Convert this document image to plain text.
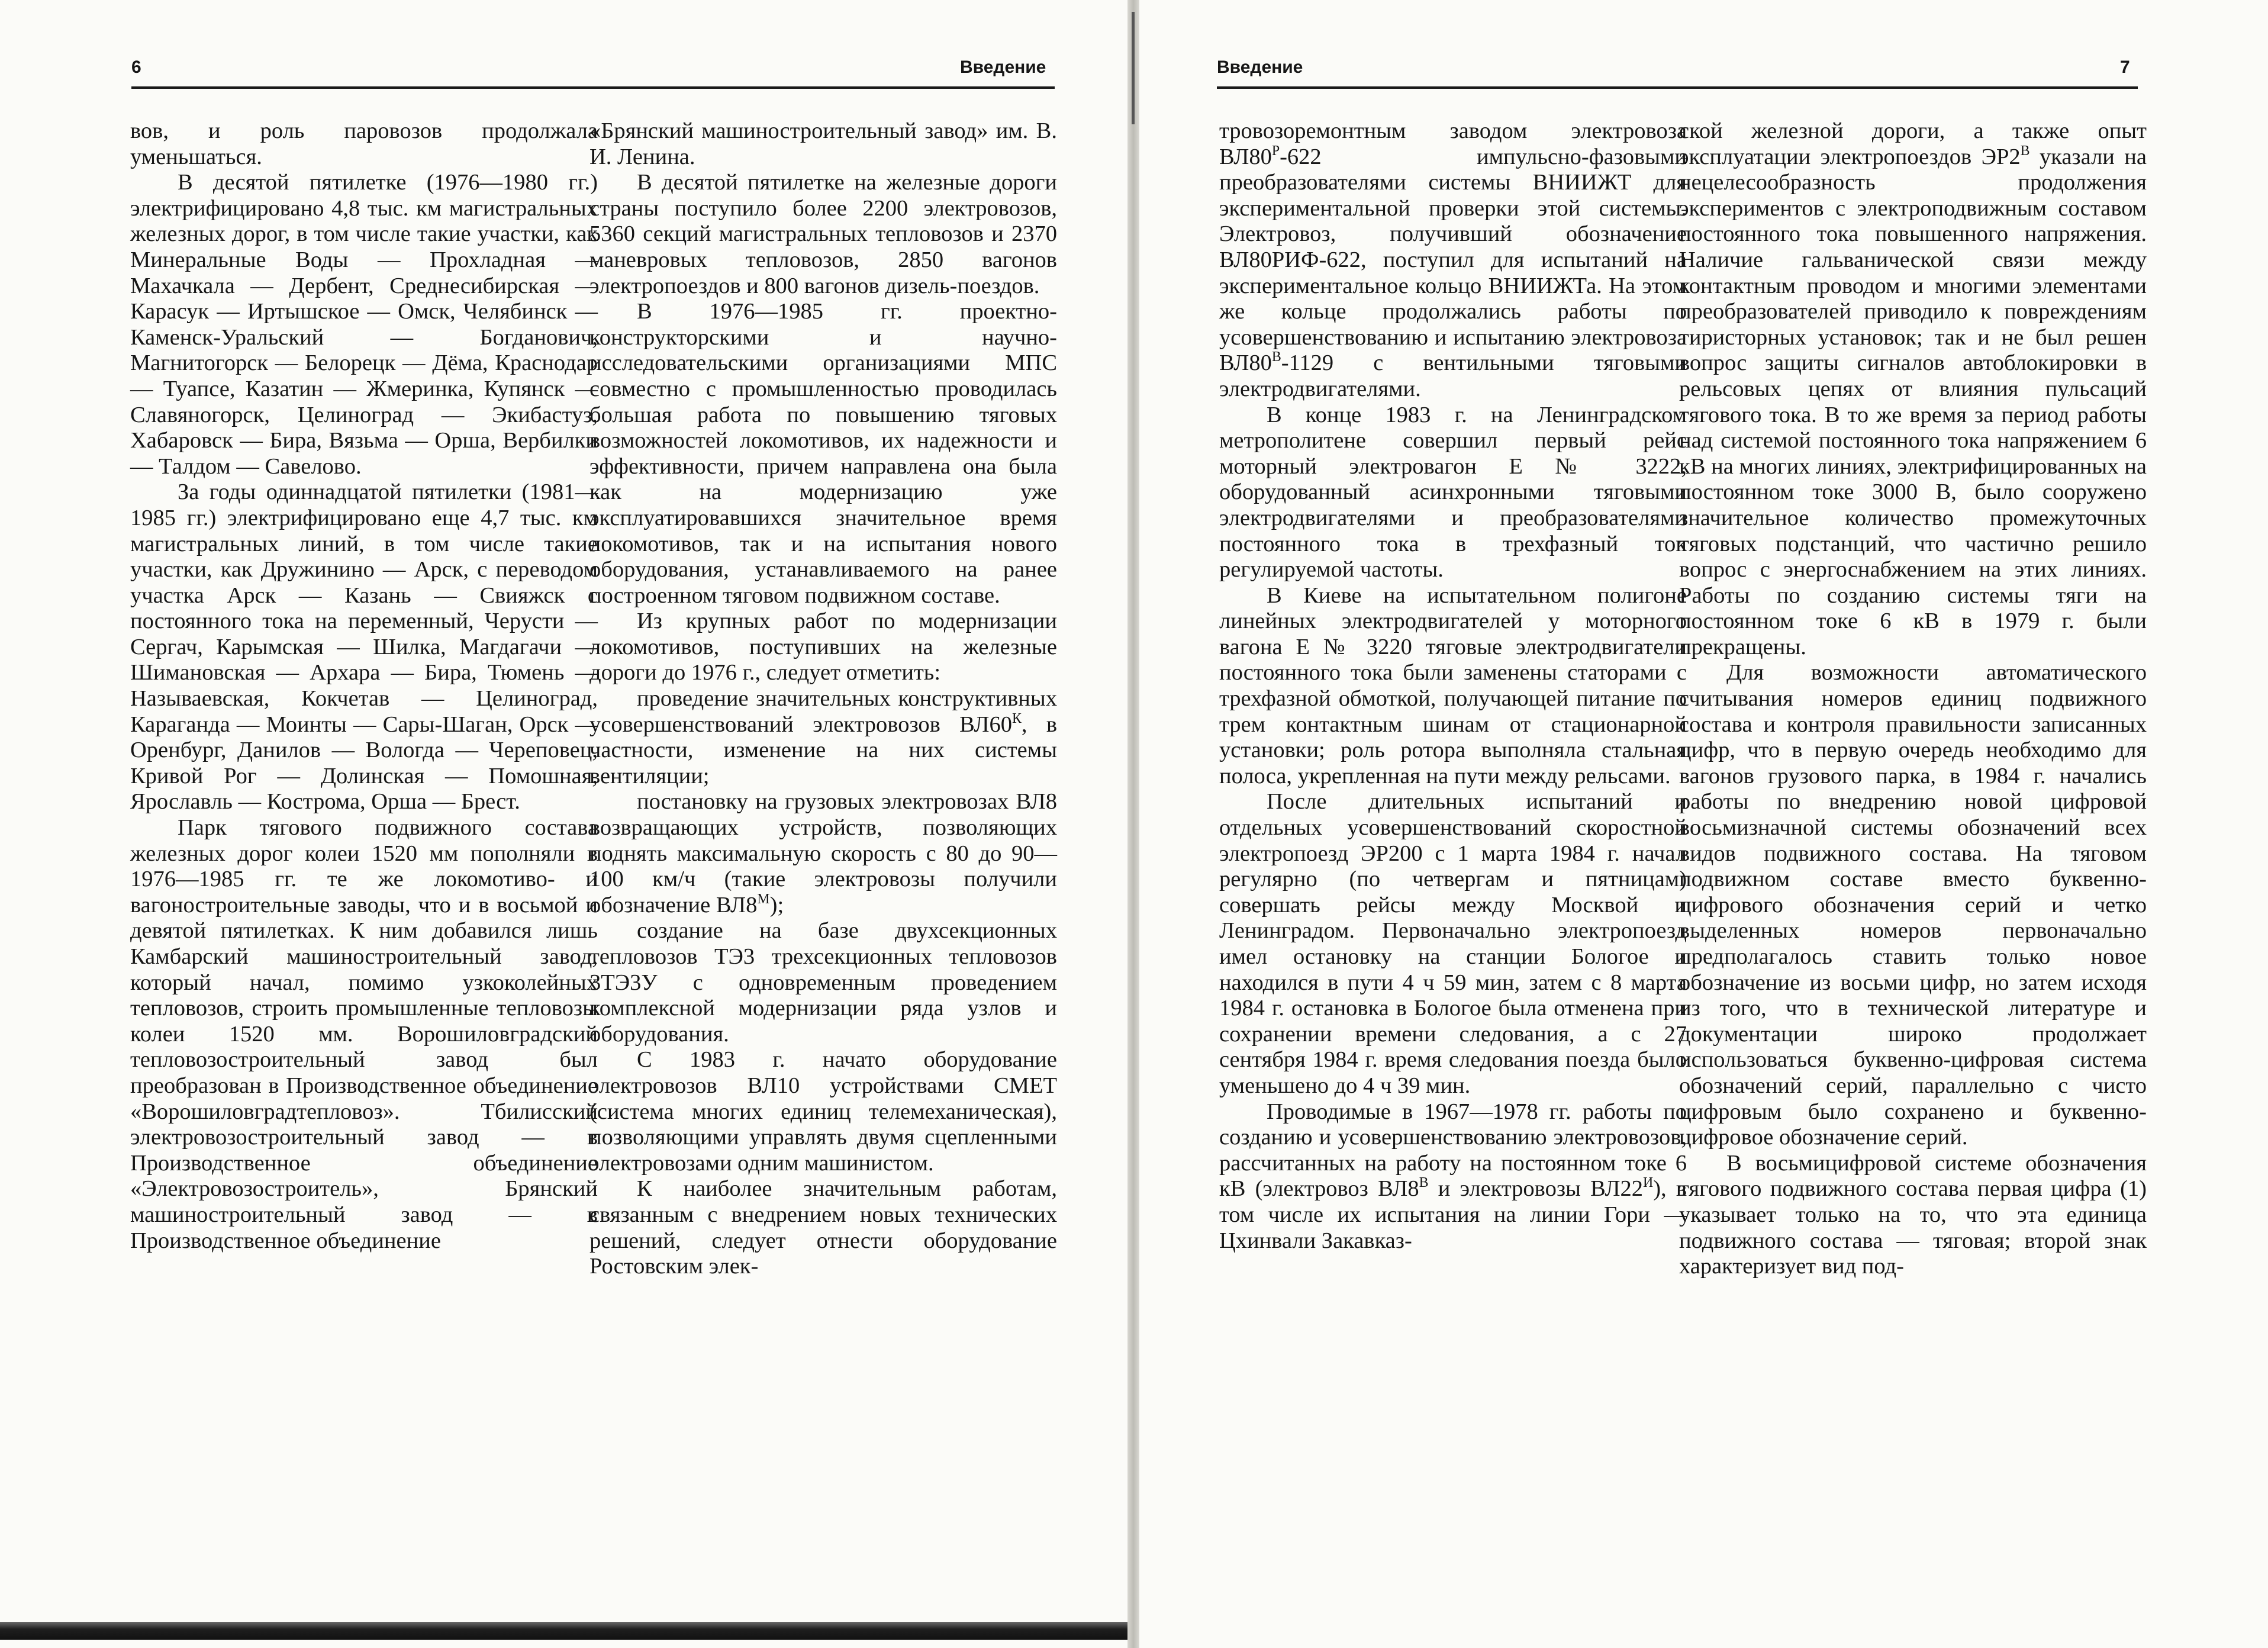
6	Введение

вов, и роль паровозов продолжала уменьшаться.

В десятой пятилетке (1976—1980 гг.) электрифицировано 4,8 тыс. км магистральных железных дорог, в том числе такие участки, как Минеральные Воды — Прохладная — Махачкала — Дербент, Среднесибирская — Карасук — Иртышское — Омск, Челябинск — Каменск-Уральский — Богданович, Магнитогорск — Белорецк — Дёма, Краснодар — Туапсе, Казатин — Жмеринка, Купянск — Славяногорск, Целиноград — Экибастуз, Хабаровск — Бира, Вязьма — Орша, Вербилки — Талдом — Савелово.

За годы одиннадцатой пятилетки (1981—1985 гг.) электрифицировано еще 4,7 тыс. км магистральных линий, в том числе такие участки, как Дружинино — Арск, с переводом участка Арск — Казань — Свияжск с постоянного тока на переменный, Черусти — Сергач, Карымская — Шилка, Магдагачи — Шимановская — Архара — Бира, Тюмень — Называевская, Кокчетав — Целиноград, Караганда — Моинты — Сары-Шаган, Орск — Оренбург, Данилов — Вологда — Череповец, Кривой Рог — Долинская — Помошная, Ярославль — Кострома, Орша — Брест.

Парк тягового подвижного состава железных дорог колеи 1520 мм пополняли в 1976—1985 гг. те же локомотиво- и вагоностроительные заводы, что и в восьмой и девятой пятилетках. К ним добавился лишь Камбарский машиностроительный завод, который начал, помимо узкоколейных тепловозов, строить промышленные тепловозы колеи 1520 мм. Ворошиловградский тепловозостроительный завод был преобразован в Производственное объединение «Ворошиловградтепловоз». Тбилисский электровозостроительный завод — в Производственное объединение «Электровозостроитель», Брянский машиностроительный завод — в Производственное объединение

«Брянский машиностроительный завод» им. В. И. Ленина.

В десятой пятилетке на железные дороги страны поступило более 2200 электровозов, 5360 секций магистральных тепловозов и 2370 маневровых тепловозов, 2850 вагонов электропоездов и 800 вагонов дизель-поездов.

В 1976—1985 гг. проектно-конструкторскими и научно-исследовательскими организациями МПС совместно с промышленностью проводилась большая работа по повышению тяговых возможностей локомотивов, их надежности и эффективности, причем направлена она была как на модернизацию уже эксплуатировавшихся значительное время локомотивов, так и на испытания нового оборудования, устанавливаемого на ранее построенном тяговом подвижном составе.

Из крупных работ по модернизации локомотивов, поступивших на железные дороги до 1976 г., следует отметить:

проведение значительных конструктивных усовершенствований электровозов $ВЛ60^К$, в частности, изменение на них системы вентиляции;

постановку на грузовых электровозах ВЛ8 возвращающих устройств, позволяющих поднять максимальную скорость с 80 до 90—100 км/ч (такие электровозы получили обозначение $ВЛ8^М$);

создание на базе двухсекционных тепловозов ТЭ3 трехсекционных тепловозов 3ТЭ3У с одновременным проведением комплексной модернизации ряда узлов и оборудования.

С 1983 г. начато оборудование электровозов ВЛ10 устройствами СМЕТ (система многих единиц телемеханическая), позволяющими управлять двумя сцепленными электровозами одним машинистом.

К наиболее значительным работам, связанным с внедрением новых технических решений, следует отнести оборудование Ростовским элек-

Введение	7

тровозоремонтным заводом электровоза $ВЛ80^Р-622$ импульсно-фазовыми преобразователями системы ВНИИЖТ для экспериментальной проверки этой системы. Электровоз, получивший обозначение ВЛ80РИФ-622, поступил для испытаний на экспериментальное кольцо ВНИИЖТа. На этом же кольце продолжались работы по усовершенствованию и испытанию электровоза $ВЛ80^В-1129$ с вентильными тяговыми электродвигателями.

В конце 1983 г. на Ленинградском метрополитене совершил первый рейс моторный электровагон Е № 3222, оборудованный асинхронными тяговыми электродвигателями и преобразователями постоянного тока в трехфазный ток регулируемой частоты.

В Киеве на испытательном полигоне линейных электродвигателей у моторного вагона Е № 3220 тяговые электродвигатели постоянного тока были заменены статорами с трехфазной обмоткой, получающей питание по трем контактным шинам от стационарной установки; роль ротора выполняла стальная полоса, укрепленная на пути между рельсами.

После длительных испытаний и отдельных усовершенствований скоростной электропоезд ЭР200 с 1 марта 1984 г. начал регулярно (по четвергам и пятницам) совершать рейсы между Москвой и Ленинградом. Первоначально электропоезд имел остановку на станции Бологое и находился в пути 4 ч 59 мин, затем с 8 марта 1984 г. остановка в Бологое была отменена при сохранении времени следования, а с 27 сентября 1984 г. время следования поезда было уменьшено до 4 ч 39 мин.

Проводимые в 1967—1978 гг. работы по созданию и усовершенствованию электровозов, рассчитанных на работу на постоянном токе 6 кВ (электровоз $ВЛ8^В$ и электровозы $ВЛ22^И$), в том числе их испытания на линии Гори — Цхинвали Закавказ-

ской железной дороги, а также опыт эксплуатации электропоездов $ЭР2^В$ указали на нецелесообразность продолжения экспериментов с электроподвижным составом постоянного тока повышенного напряжения. Наличие гальванической связи между контактным проводом и многими элементами преобразователей приводило к повреждениям тиристорных установок; так и не был решен вопрос защиты сигналов автоблокировки в рельсовых цепях от влияния пульсаций тягового тока. В то же время за период работы над системой постоянного тока напряжением 6 кВ на многих линиях, электрифицированных на постоянном токе 3000 В, было сооружено значительное количество промежуточных тяговых подстанций, что частично решило вопрос с энергоснабжением на этих линиях. Работы по созданию системы тяги на постоянном токе 6 кВ в 1979 г. были прекращены.

Для возможности автоматического считывания номеров единиц подвижного состава и контроля правильности записанных цифр, что в первую очередь необходимо для вагонов грузового парка, в 1984 г. начались работы по внедрению новой цифровой восьмизначной системы обозначений всех видов подвижного состава. На тяговом подвижном составе вместо буквенно-цифрового обозначения серий и четко выделенных номеров первоначально предполагалось ставить только новое обозначение из восьми цифр, но затем исходя из того, что в технической литературе и документации широко продолжает использоваться буквенно-цифровая система обозначений серий, параллельно с чисто цифровым было сохранено и буквенно-цифровое обозначение серий.

В восьмицифровой системе обозначения тягового подвижного состава первая цифра (1) указывает только на то, что эта единица подвижного состава — тяговая; второй знак характеризует вид под-
